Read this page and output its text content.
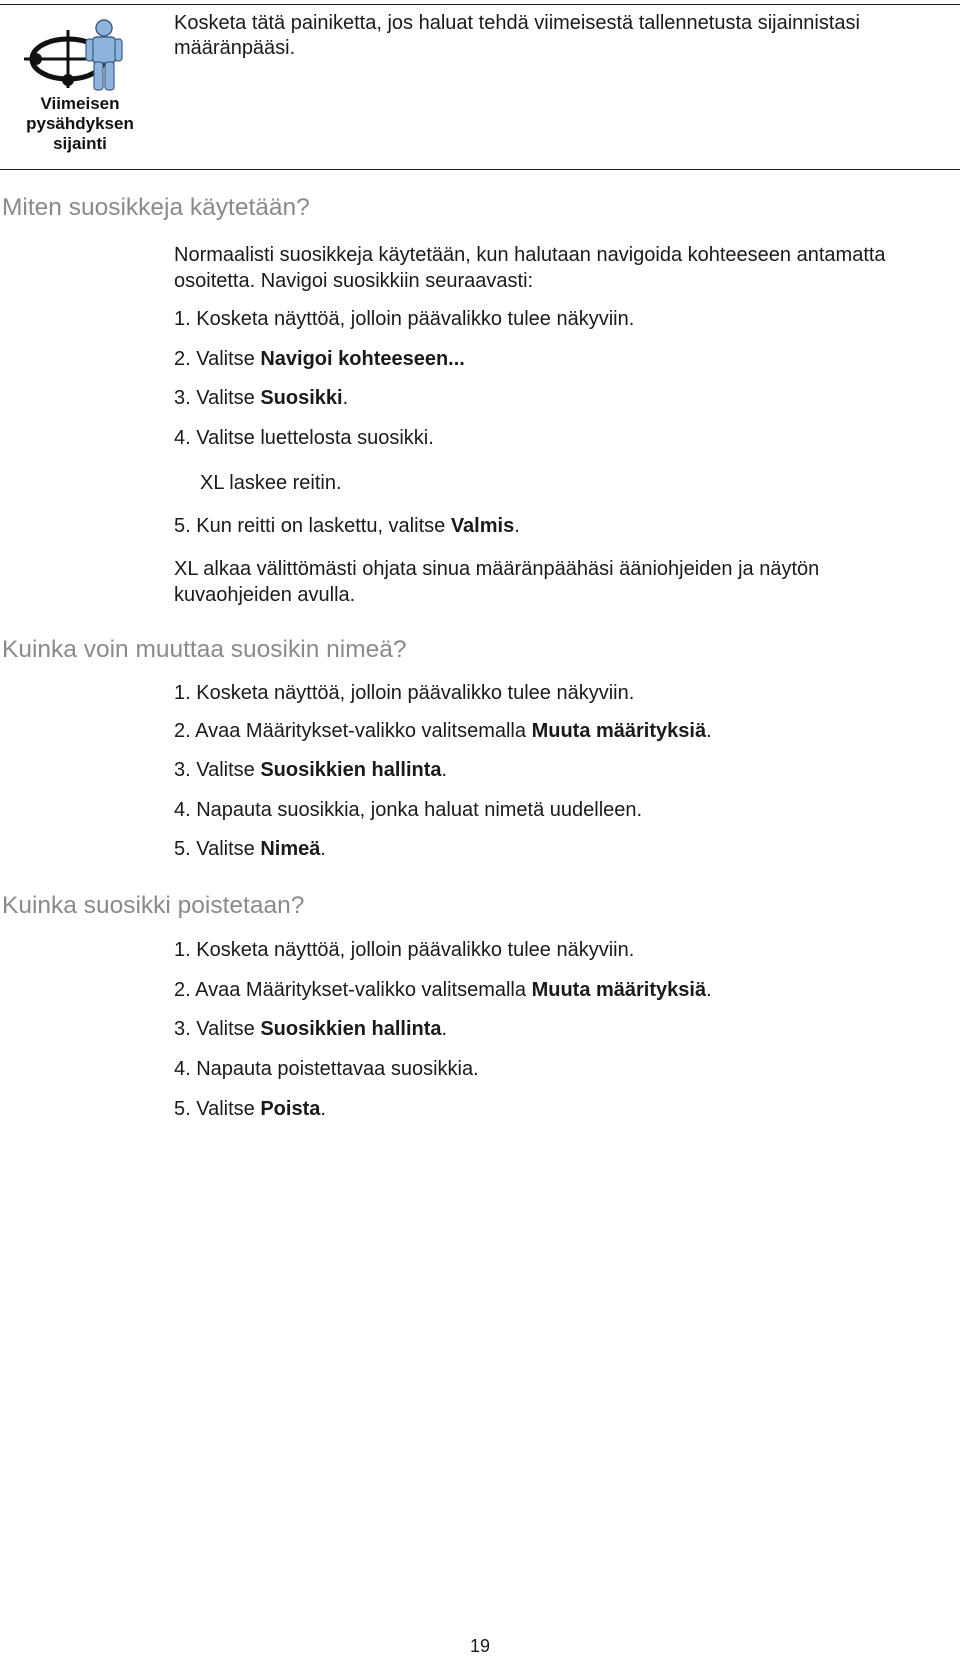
Viimeisen
pysähdyksen
sijainti
Kosketa tätä painiketta, jos haluat tehdä viimeisestä tallennetusta sijainnistasi määränpääsi.
Miten suosikkeja käytetään?
Normaalisti suosikkeja käytetään, kun halutaan navigoida kohteeseen antamatta osoitetta. Navigoi suosikkiin seuraavasti:
1. Kosketa näyttöä, jolloin päävalikko tulee näkyviin.
2. Valitse Navigoi kohteeseen...
3. Valitse Suosikki.
4. Valitse luettelosta suosikki.
XL laskee reitin.
5. Kun reitti on laskettu, valitse Valmis.
XL alkaa välittömästi ohjata sinua määränpäähäsi ääniohjeiden ja näytön kuvaohjeiden avulla.
Kuinka voin muuttaa suosikin nimeä?
1. Kosketa näyttöä, jolloin päävalikko tulee näkyviin.
2. Avaa Määritykset-valikko valitsemalla Muuta määrityksiä.
3. Valitse Suosikkien hallinta.
4. Napauta suosikkia, jonka haluat nimetä uudelleen.
5. Valitse Nimeä.
Kuinka suosikki poistetaan?
1. Kosketa näyttöä, jolloin päävalikko tulee näkyviin.
2. Avaa Määritykset-valikko valitsemalla Muuta määrityksiä.
3. Valitse Suosikkien hallinta.
4. Napauta poistettavaa suosikkia.
5. Valitse Poista.
19
